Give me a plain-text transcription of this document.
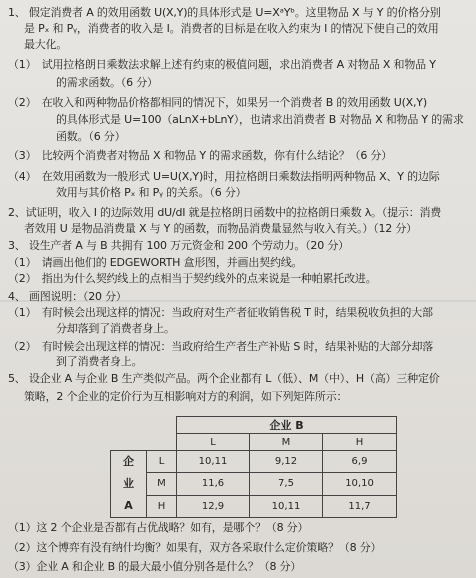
1、 假定消费者 A 的效用函数 U(X,Y)的具体形式是 U=XᵃYᵇ。这里物品 X 与 Y 的价格分别
是 Pₓ 和 Pᵧ，消费者的收入是 I。消费者的目标是在收入约束为 I 的情况下使自己的效用
最大化。
（1）　试用拉格朗日乘数法求解上述有约束的极值问题，求出消费者 A 对物品 X 和物品 Y
的需求函数。（6 分）
（2）　在收入和两种物品价格都相同的情况下，如果另一个消费者 B 的效用函数 U(X,Y)
的具体形式是 U=100（aLnX+bLnY），也请求出消费者 B 对物品 X 和物品 Y 的需求
函数。（6 分）
（3）　比较两个消费者对物品 X 和物品 Y 的需求函数，你有什么结论？（6 分）
（4）　在效用函数为一般形式 U=U(X,Y)时，用拉格朗日乘数法指明两种物品 X、Y 的边际
效用与其价格 Pₓ 和 Pᵧ 的关系。（6 分）
2、试证明，收入 I 的边际效用 dU/dI 就是拉格朗日函数中的拉格朗日乘数 λ。（提示：消费
者效用 U 是物品消费量 X 与 Y 的函数，而物品消费量显然与收入有关。）（12 分）
3、 设生产者 A 与 B 共拥有 100 万元资金和 200 个劳动力。（20 分）
（1）　请画出他们的 EDGEWORTH 盒形图，并画出契约线。
（2）　指出为什么契约线上的点相当于契约线外的点来说是一种帕累托改进。
4、 画图说明：（20 分）
（1）　有时候会出现这样的情况：当政府对生产者征收销售税 T 时，结果税收负担的大部
分却落到了消费者身上。
（2）　有时候会出现这样的情况：当政府给生产者生产补贴 S 时，结果补贴的大部分却落
到了消费者身上。
5、 设企业 A 与企业 B 生产类似产品。两个企业都有 L（低）、M（中）、H（高）三种定价
		企业 B		
		L	M	H

企
业
A	L	10,11	9,12	6,9
	M	11,6	7,5	10,10
	H	12,9	10,11	11,7
（1）这 2 个企业是否都有占优战略？如有，是哪个？（8 分）
（2）这个博弈有没有纳什均衡？如果有，双方各采取什么定价策略？（8 分）
（3）企业 A 和企业 B 的最大最小值分别各是什么？（8 分）
策略，2 个企业的定价行为互相影响对方的利润，如下列矩阵所示：
